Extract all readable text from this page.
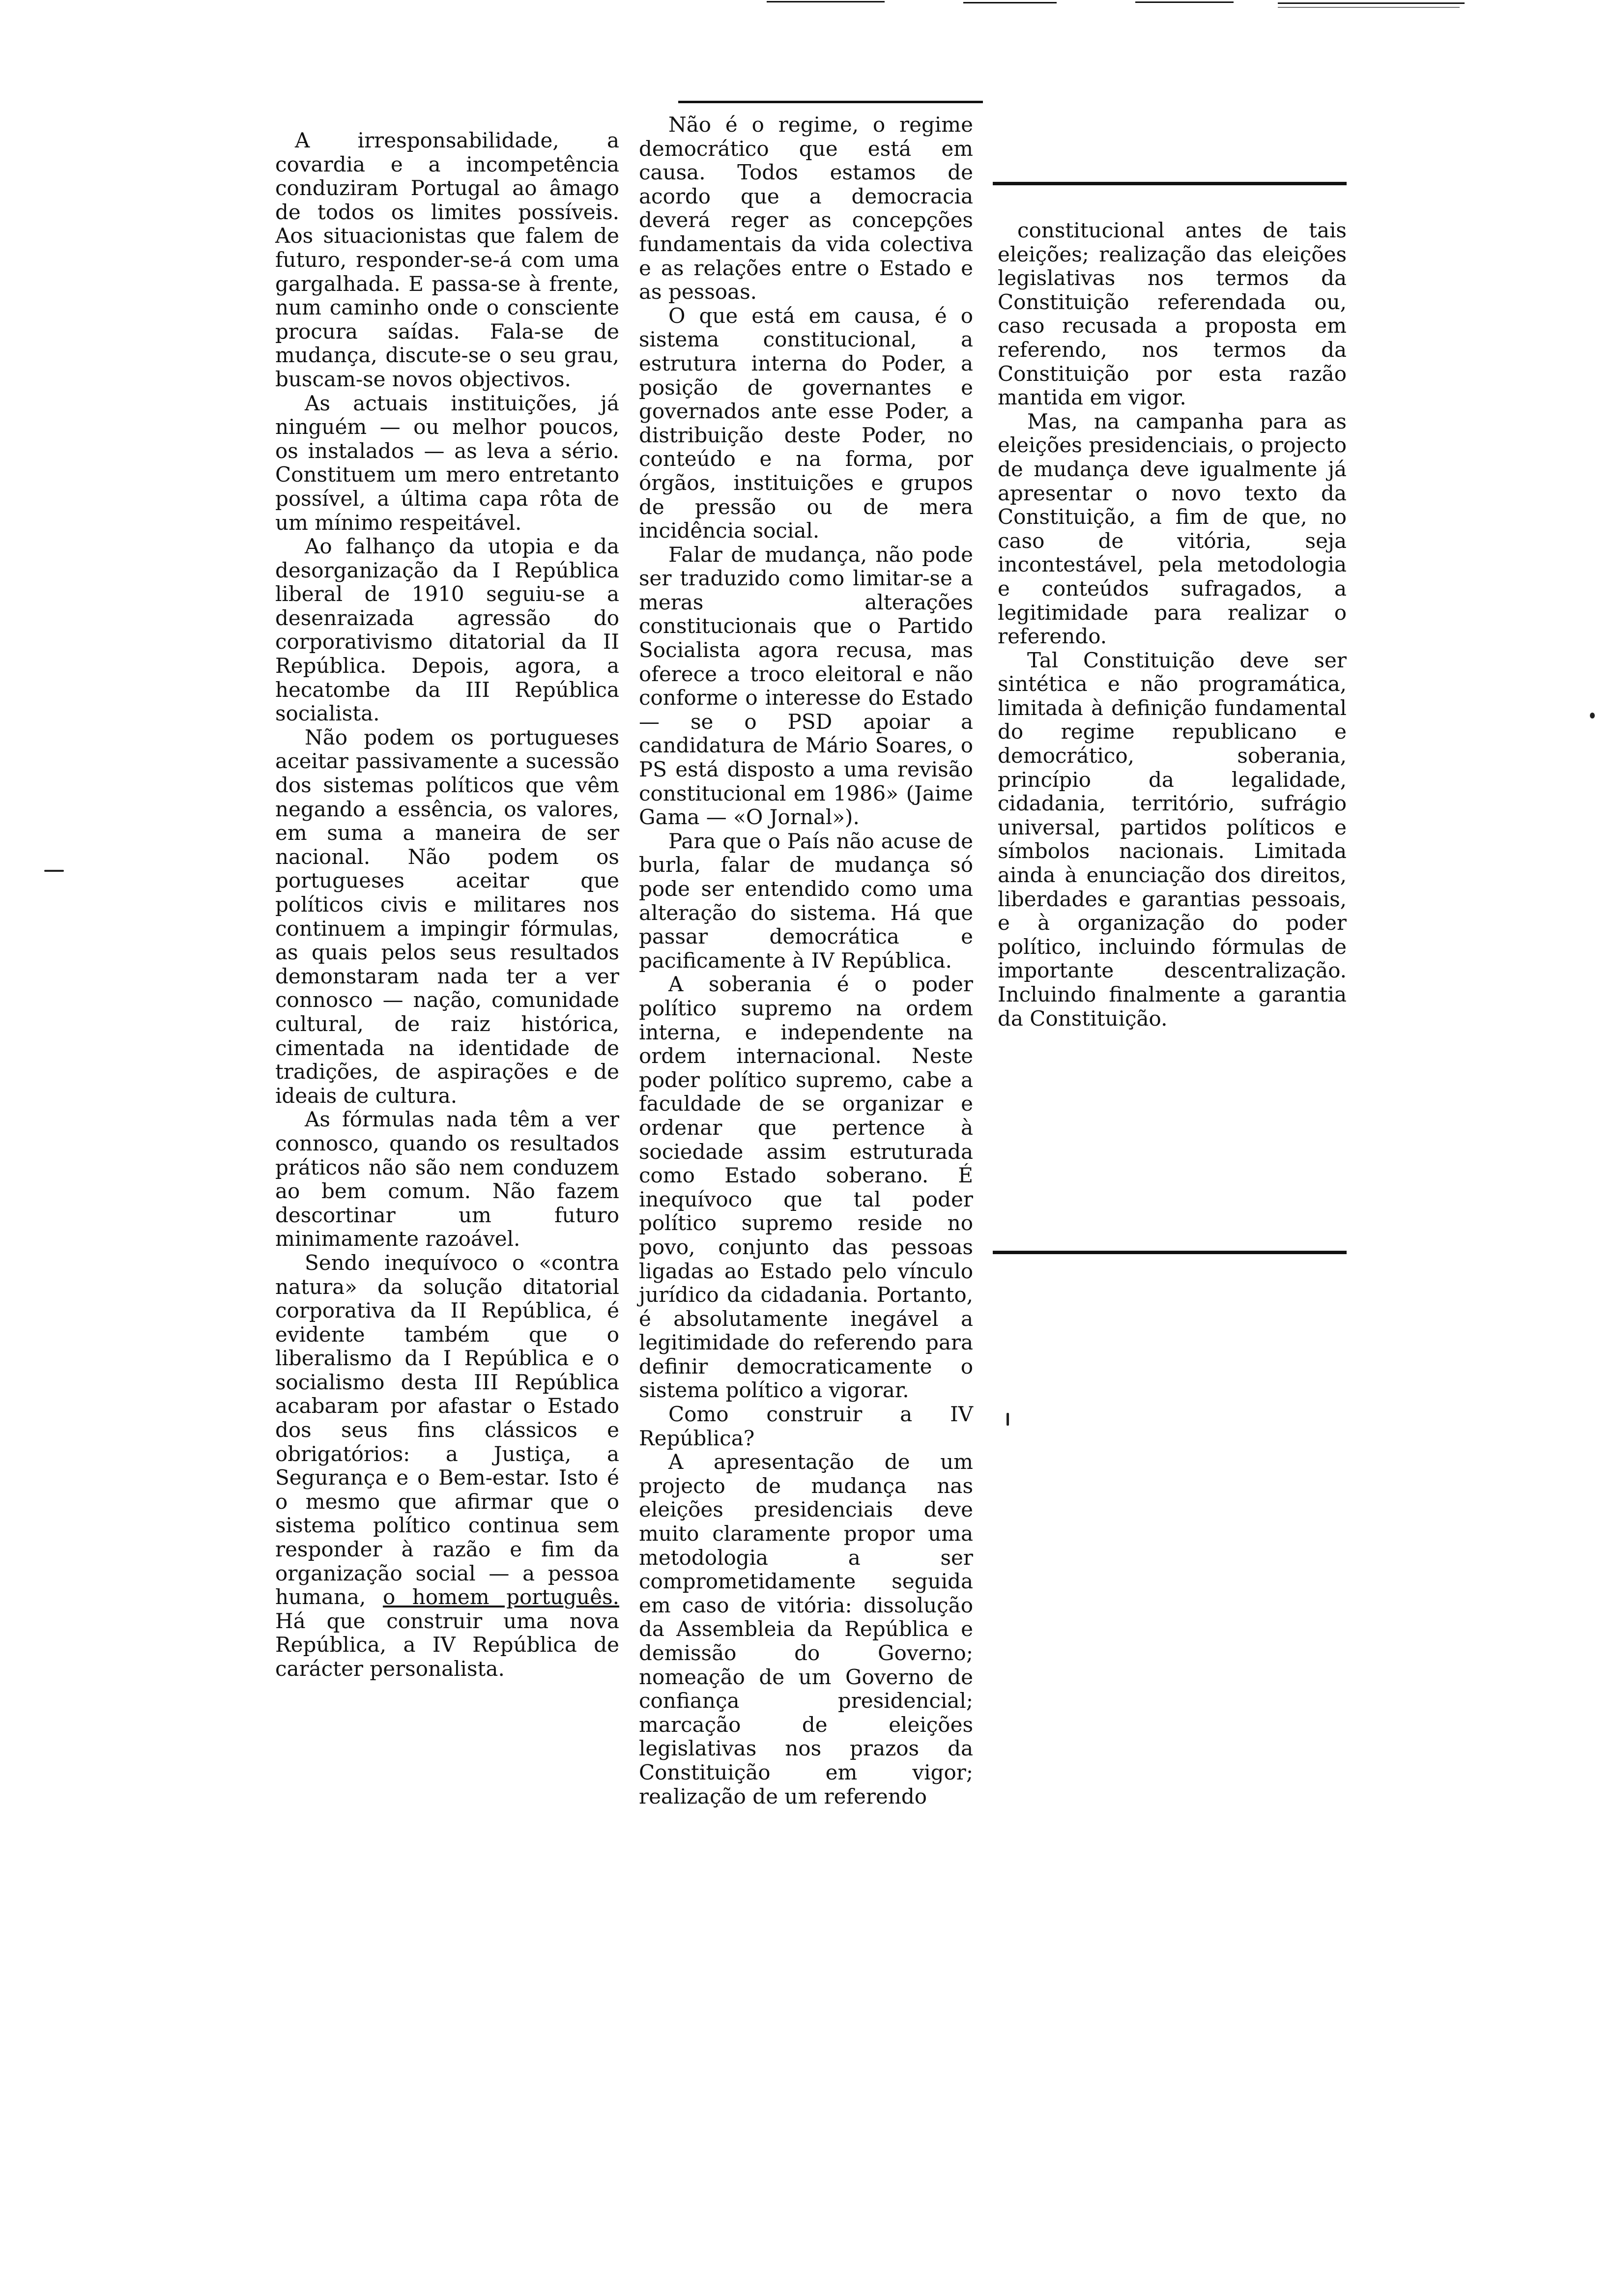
A irresponsabilidade, a covardia e a incompetência conduziram Portugal ao âmago de todos os limites possíveis. Aos situacionistas que falem de futuro, responder-se-á com uma gargalhada. E passa-se à frente, num caminho onde o consciente procura saídas. Fala-se de mudança, discute-se o seu grau, buscam-se novos objectivos.

As actuais instituições, já ninguém — ou melhor poucos, os instalados — as leva a sério. Constituem um mero entretanto possível, a última capa rôta de um mínimo respeitável.

Ao falhanço da utopia e da desorganização da I República liberal de 1910 seguiu-se a desenraizada agressão do corporativismo ditatorial da II República. Depois, agora, a hecatombe da III República socialista.

Não podem os portugueses aceitar passivamente a sucessão dos sistemas políticos que vêm negando a essência, os valores, em suma a maneira de ser nacional. Não podem os portugueses aceitar que políticos civis e militares nos continuem a impingir fórmulas, as quais pelos seus resultados demonstaram nada ter a ver connosco — nação, comunidade cultural, de raiz histórica, cimentada na identidade de tradições, de aspirações e de ideais de cultura.

As fórmulas nada têm a ver connosco, quando os resultados práticos não são nem conduzem ao bem comum. Não fazem descortinar um futuro minimamente razoável.

Sendo inequívoco o «contra natura» da solução ditatorial corporativa da II República, é evidente também que o liberalismo da I República e o socialismo desta III República acabaram por afastar o Estado dos seus fins clássicos e obrigatórios: a Justiça, a Segurança e o Bem-estar. Isto é o mesmo que afirmar que o sistema político continua sem responder à razão e fim da organização social — a pessoa humana, o homem português. Há que construir uma nova República, a IV República de carácter personalista.

Não é o regime, o regime democrático que está em causa. Todos estamos de acordo que a democracia deverá reger as concepções fundamentais da vida colectiva e as relações entre o Estado e as pessoas.

O que está em causa, é o sistema constitucional, a estrutura interna do Poder, a posição de governantes e governados ante esse Poder, a distribuição deste Poder, no conteúdo e na forma, por órgãos, instituições e grupos de pressão ou de mera incidência social.

Falar de mudança, não pode ser traduzido como limitar-se a meras alterações constitucionais que o Partido Socialista agora recusa, mas oferece a troco eleitoral e não conforme o interesse do Estado — se o PSD apoiar a candidatura de Mário Soares, o PS está disposto a uma revisão constitucional em 1986» (Jaime Gama — «O Jornal»).

Para que o País não acuse de burla, falar de mudança só pode ser entendido como uma alteração do sistema. Há que passar democrática e pacificamente à IV República.

A soberania é o poder político supremo na ordem interna, e independente na ordem internacional. Neste poder político supremo, cabe a faculdade de se organizar e ordenar que pertence à sociedade assim estruturada como Estado soberano. É inequívoco que tal poder político supremo reside no povo, conjunto das pessoas ligadas ao Estado pelo vínculo jurídico da cidadania. Portanto, é absolutamente inegável a legitimidade do referendo para definir democraticamente o sistema político a vigorar.

Como construir a IV República?

A apresentação de um projecto de mudança nas eleições presidenciais deve muito claramente propor uma metodologia a ser comprometidamente seguida em caso de vitória: dissolução da Assembleia da República e demissão do Governo; nomeação de um Governo de confiança presidencial; marcação de eleições legislativas nos prazos da Constituição em vigor; realização de um referendo

constitucional antes de tais eleições; realização das eleições legislativas nos termos da Constituição referendada ou, caso recusada a proposta em referendo, nos termos da Constituição por esta razão mantida em vigor.

Mas, na campanha para as eleições presidenciais, o projecto de mudança deve igualmente já apresentar o novo texto da Constituição, a fim de que, no caso de vitória, seja incontestável, pela metodologia e conteúdos sufragados, a legitimidade para realizar o referendo.

Tal Constituição deve ser sintética e não programática, limitada à definição fundamental do regime republicano e democrático, soberania, princípio da legalidade, cidadania, território, sufrágio universal, partidos políticos e símbolos nacionais. Limitada ainda à enunciação dos direitos, liberdades e garantias pessoais, e à organização do poder político, incluindo fórmulas de importante descentralização. Incluindo finalmente a garantia da Constituição.
